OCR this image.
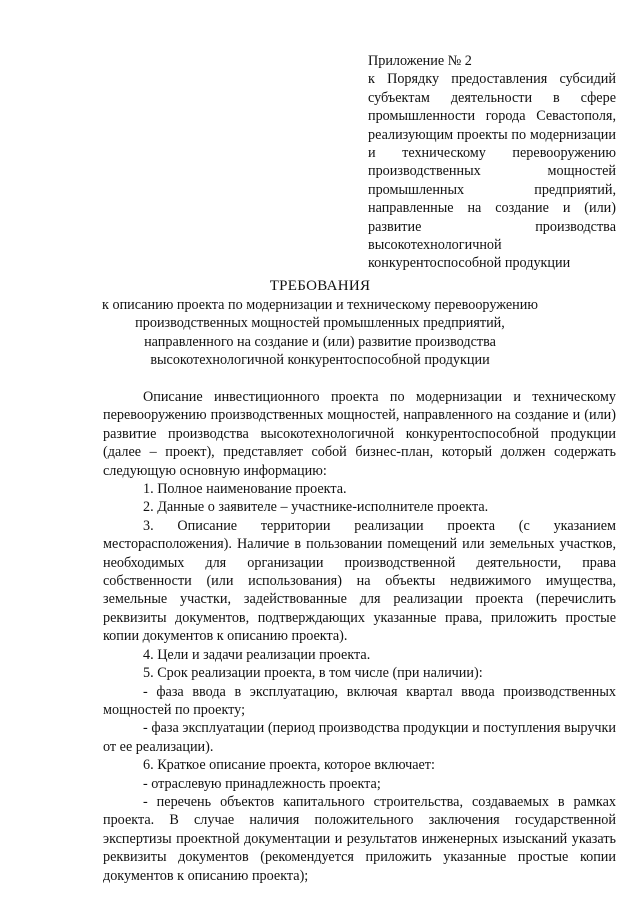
Приложение № 2
к Порядку предоставления субсидий субъектам деятельности в сфере промышленности города Севастополя, реализующим проекты по модернизации и техническому перевооружению производственных мощностей промышленных предприятий, направленные на создание и (или) развитие производства высокотехнологичной конкурентоспособной продукции
ТРЕБОВАНИЯ
к описанию проекта по модернизации и техническому перевооружению производственных мощностей промышленных предприятий, направленного на создание и (или) развитие производства высокотехнологичной конкурентоспособной продукции

Описание инвестиционного проекта по модернизации и техническому перевооружению производственных мощностей, направленного на создание и (или) развитие производства высокотехнологичной конкурентоспособной продукции (далее – проект), представляет собой бизнес-план, который должен содержать следующую основную информацию:

1. Полное наименование проекта.

2. Данные о заявителе – участнике-исполнителе проекта.

3. Описание территории реализации проекта (с указанием месторасположения). Наличие в пользовании помещений или земельных участков, необходимых для организации производственной деятельности, права собственности (или использования) на объекты недвижимого имущества, земельные участки, задействованные для реализации проекта (перечислить реквизиты документов, подтверждающих указанные права, приложить простые копии документов к описанию проекта).

4. Цели и задачи реализации проекта.

5. Срок реализации проекта, в том числе (при наличии):

- фаза ввода в эксплуатацию, включая квартал ввода производственных мощностей по проекту;

- фаза эксплуатации (период производства продукции и поступления выручки от ее реализации).

6. Краткое описание проекта, которое включает:

- отраслевую принадлежность проекта;

- перечень объектов капитального строительства, создаваемых в рамках проекта. В случае наличия положительного заключения государственной экспертизы проектной документации и результатов инженерных изысканий указать реквизиты документов (рекомендуется приложить указанные простые копии документов к описанию проекта);
